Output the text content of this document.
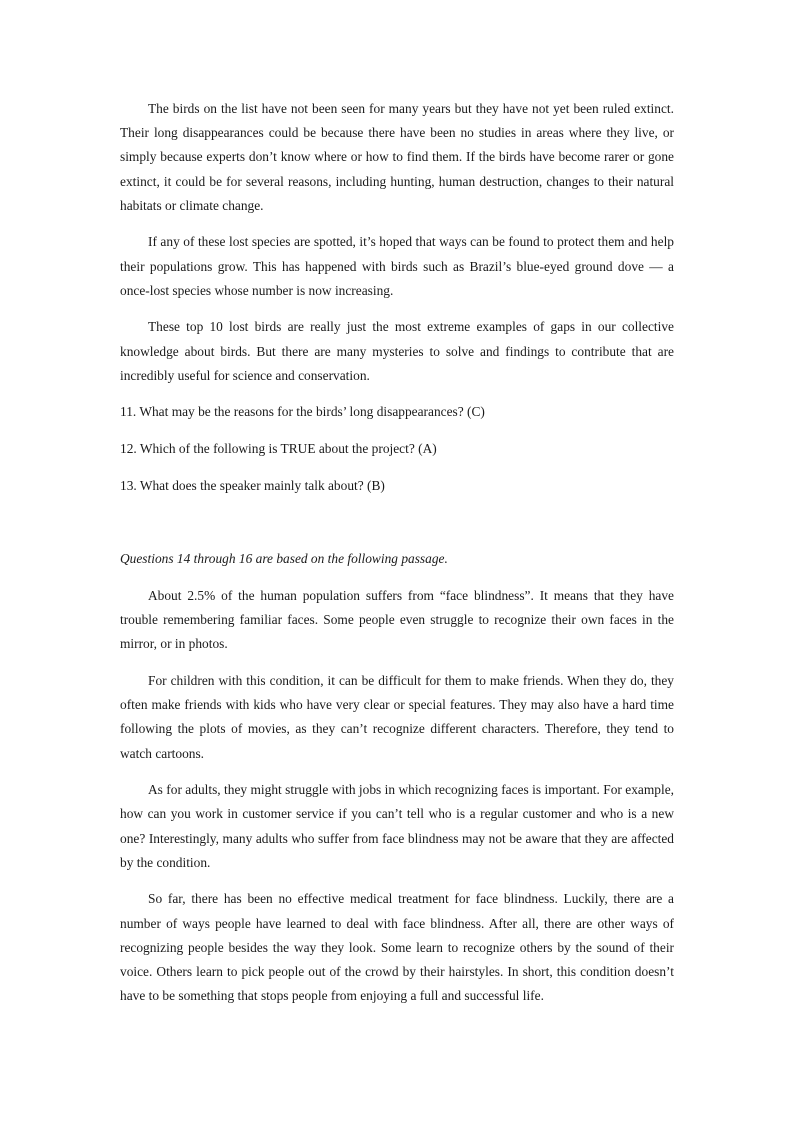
The birds on the list have not been seen for many years but they have not yet been ruled extinct. Their long disappearances could be because there have been no studies in areas where they live, or simply because experts don’t know where or how to find them. If the birds have become rarer or gone extinct, it could be for several reasons, including hunting, human destruction, changes to their natural habitats or climate change.

If any of these lost species are spotted, it’s hoped that ways can be found to protect them and help their populations grow. This has happened with birds such as Brazil’s blue-eyed ground dove — a once-lost species whose number is now increasing.

These top 10 lost birds are really just the most extreme examples of gaps in our collective knowledge about birds. But there are many mysteries to solve and findings to contribute that are incredibly useful for science and conservation.

11. What may be the reasons for the birds’ long disappearances? (C)

12. Which of the following is TRUE about the project? (A)

13. What does the speaker mainly talk about? (B)

Questions 14 through 16 are based on the following passage.

About 2.5% of the human population suffers from “face blindness”. It means that they have trouble remembering familiar faces. Some people even struggle to recognize their own faces in the mirror, or in photos.

For children with this condition, it can be difficult for them to make friends. When they do, they often make friends with kids who have very clear or special features. They may also have a hard time following the plots of movies, as they can’t recognize different characters. Therefore, they tend to watch cartoons.

As for adults, they might struggle with jobs in which recognizing faces is important. For example, how can you work in customer service if you can’t tell who is a regular customer and who is a new one? Interestingly, many adults who suffer from face blindness may not be aware that they are affected by the condition.

So far, there has been no effective medical treatment for face blindness. Luckily, there are a number of ways people have learned to deal with face blindness. After all, there are other ways of recognizing people besides the way they look. Some learn to recognize others by the sound of their voice. Others learn to pick people out of the crowd by their hairstyles. In short, this condition doesn’t have to be something that stops people from enjoying a full and successful life.
